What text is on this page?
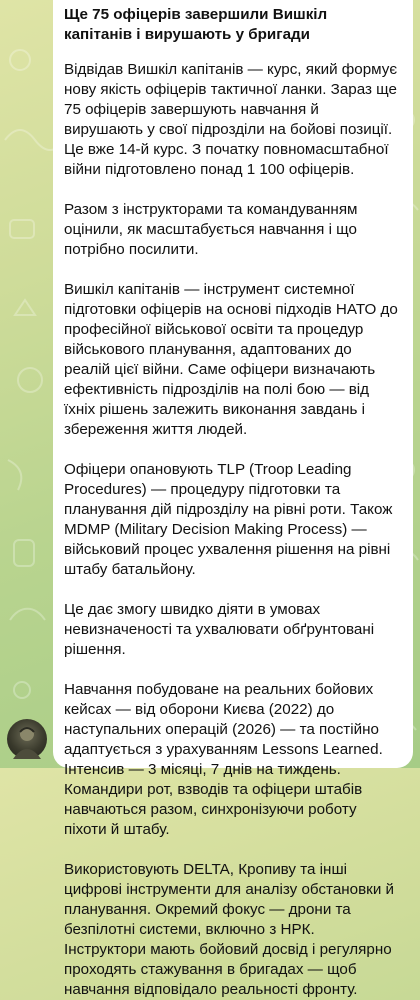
Ще 75 офіцерів завершили Вишкіл капітанів і вирушають у бригади

Відвідав Вишкіл капітанів — курс, який формує нову якість офіцерів тактичної ланки. Зараз ще 75 офіцерів завершують навчання й вирушають у свої підрозділи на бойові позиції. Це вже 14-й курс. З початку повномасштабної війни підготовлено понад 1 100 офіцерів.

Разом з інструкторами та командуванням оцінили, як масштабується навчання і що потрібно посилити.

Вишкіл капітанів — інструмент системної підготовки офіцерів на основі підходів НАТО до професійної військової освіти та процедур військового планування, адаптованих до реалій цієї війни. Саме офіцери визначають ефективність підрозділів на полі бою — від їхніх рішень залежить виконання завдань і збереження життя людей.

Офіцери опановують TLP (Troop Leading Procedures) — процедуру підготовки та планування дій підрозділу на рівні роти. Також MDMP (Military Decision Making Process) — військовий процес ухвалення рішення на рівні штабу батальйону.

Це дає змогу швидко діяти в умовах невизначеності та ухвалювати обґрунтовані рішення.

Навчання побудоване на реальних бойових кейсах — від оборони Києва (2022) до наступальних операцій (2026) — та постійно адаптується з урахуванням Lessons Learned. Інтенсив — 3 місяці, 7 днів на тиждень. Командири рот, взводів та офіцери штабів навчаються разом, синхронізуючи роботу піхоти й штабу.

Використовують DELTA, Кропиву та інші цифрові інструменти для аналізу обстановки й планування. Окремий фокус — дрони та безпілотні системи, включно з НРК. Інструктори мають бойовий досвід і регулярно проходять стажування в бригадах — щоб навчання відповідало реальності фронту.
